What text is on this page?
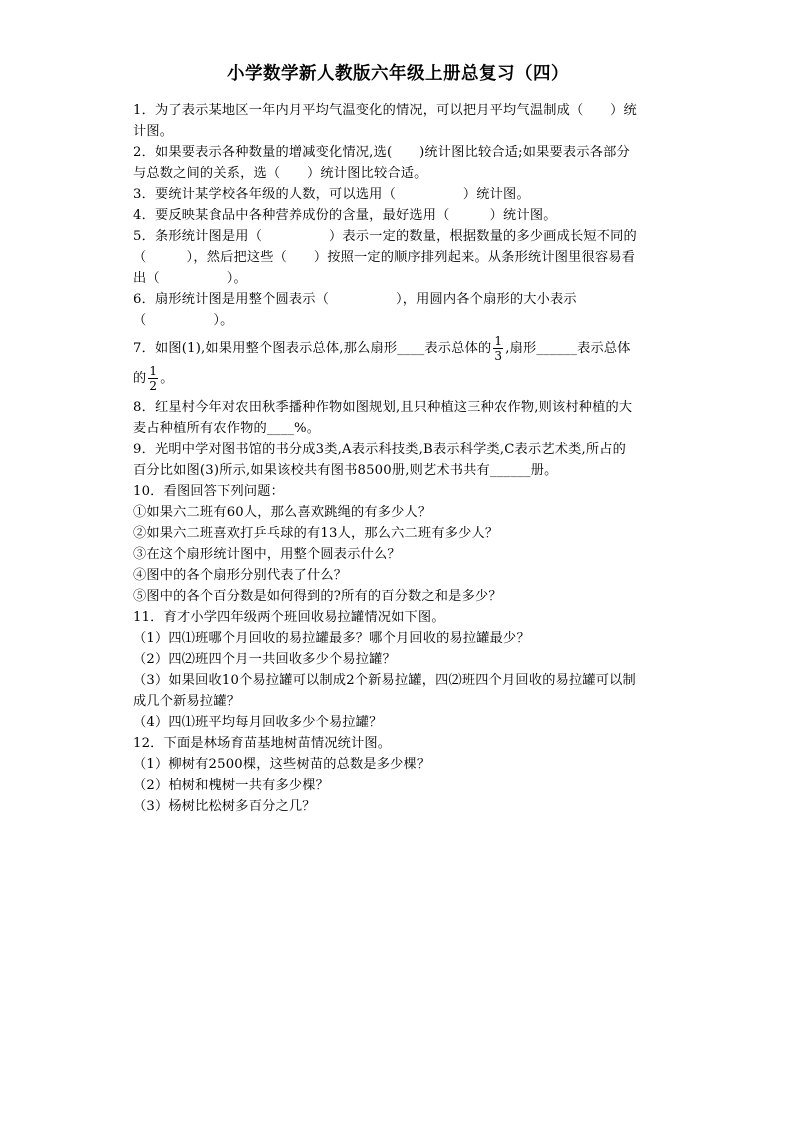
小学数学新人教版六年级上册总复习（四）

1．为了表示某地区一年内月平均气温变化的情况，可以把月平均气温制成（　　）统

计图。

2．如果要表示各种数量的增减变化情况,选(　　)统计图比较合适;如果要表示各部分

与总数之间的关系，选（　　）统计图比较合适。

3．要统计某学校各年级的人数，可以选用（　　　　　）统计图。

4．要反映某食品中各种营养成份的含量，最好选用（　　　）统计图。

5．条形统计图是用（　　　　　）表示一定的数量，根据数量的多少画成长短不同的

（　　　），然后把这些（　　）按照一定的顺序排列起来。从条形统计图里很容易看

出（　　　　　）。

6．扇形统计图是用整个圆表示（　　　　　），用圆内各个扇形的大小表示

（　　　　　）。

7．如图(1),如果用整个图表示总体,那么扇形____表示总体的 $\frac{1}{3}$ ,扇形______表示总体

的 $\frac{1}{2}$ 。

8．红星村今年对农田秋季播种作物如图规划,且只种植这三种农作物,则该村种植的大

麦占种植所有农作物的____%。

9．光明中学对图书馆的书分成3类,A表示科技类,B表示科学类,C表示艺术类,所占的

百分比如图(3)所示,如果该校共有图书8500册,则艺术书共有______册。

10．看图回答下列问题：

①如果六二班有60人，那么喜欢跳绳的有多少人？

②如果六二班喜欢打乒乓球的有13人，那么六二班有多少人？

③在这个扇形统计图中，用整个圆表示什么？

④图中的各个扇形分别代表了什么？

⑤图中的各个百分数是如何得到的?所有的百分数之和是多少？

11．育才小学四年级两个班回收易拉罐情况如下图。

（1）四⑴班哪个月回收的易拉罐最多？哪个月回收的易拉罐最少？

（2）四⑵班四个月一共回收多少个易拉罐？

（3）如果回收10个易拉罐可以制成2个新易拉罐，四⑵班四个月回收的易拉罐可以制

成几个新易拉罐？

（4）四⑴班平均每月回收多少个易拉罐？

12．下面是林场育苗基地树苗情况统计图。

（1）柳树有2500棵，这些树苗的总数是多少棵？

（2）柏树和槐树一共有多少棵？

（3）杨树比松树多百分之几？
